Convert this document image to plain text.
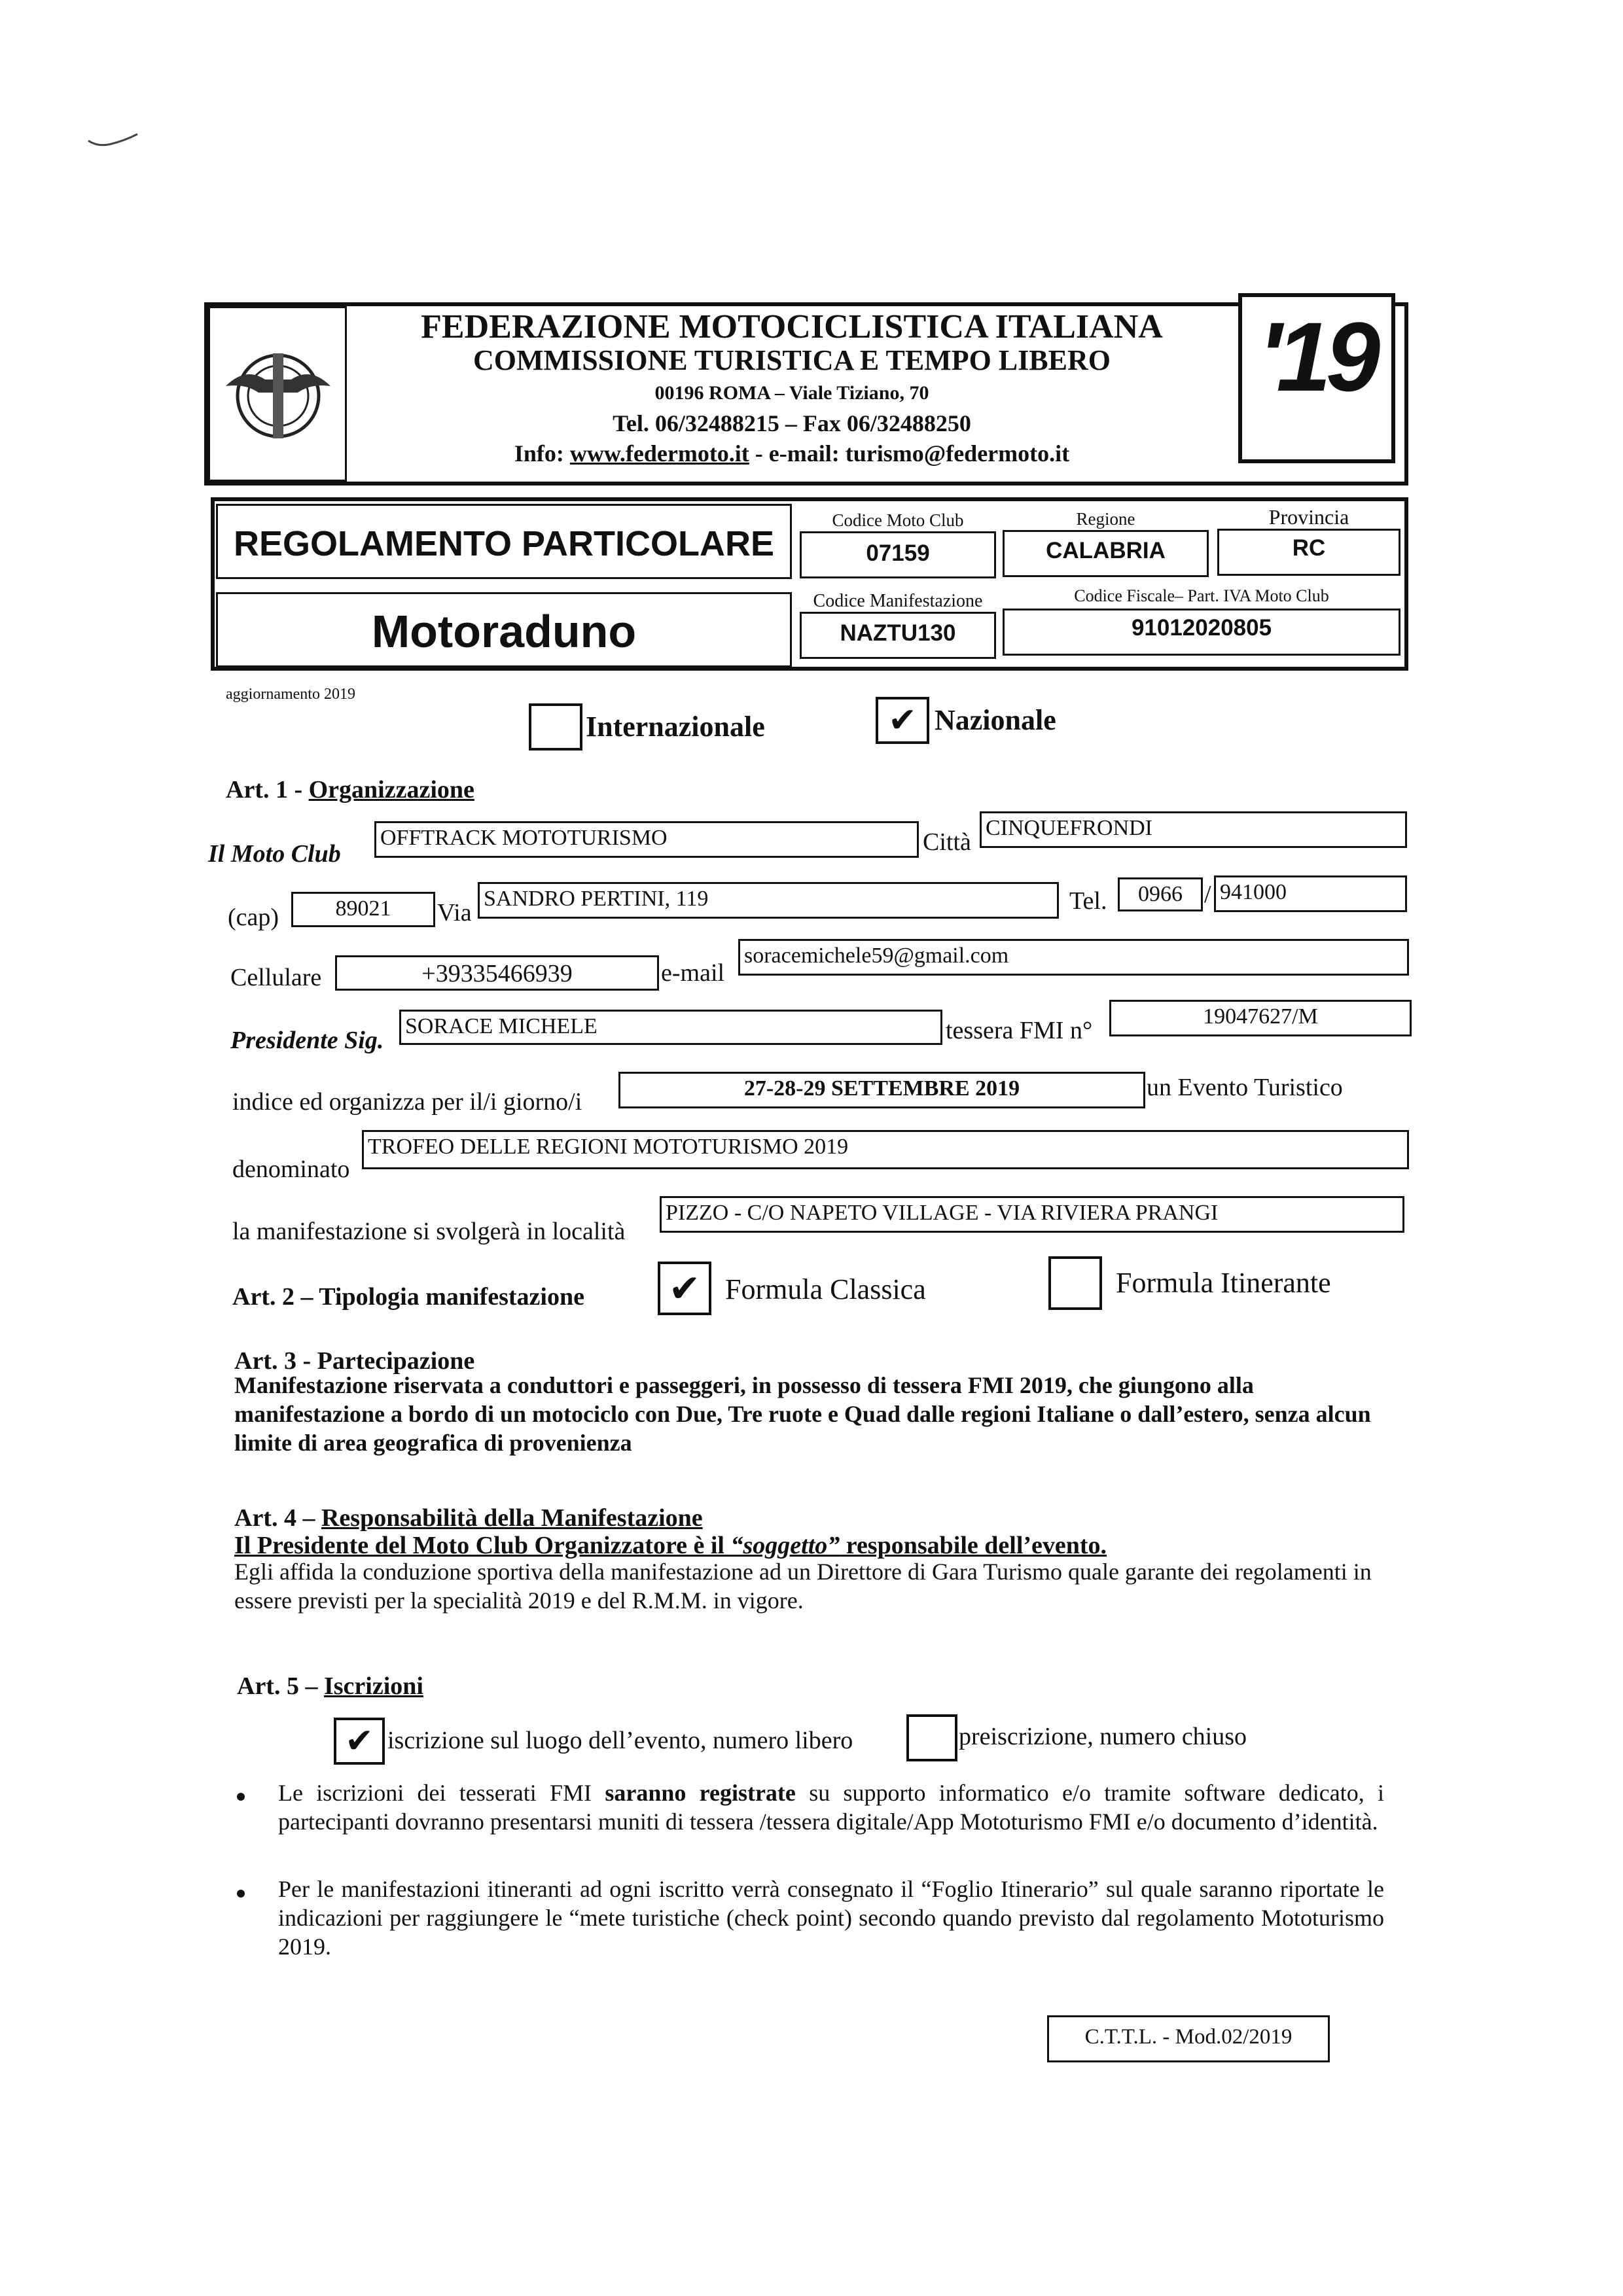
FEDERAZIONE MOTOCICLISTICA ITALIANA
COMMISSIONE TURISTICA E TEMPO LIBERO
00196 ROMA – Viale Tiziano, 70
Tel. 06/32488215 – Fax 06/32488250
Info: www.federmoto.it - e-mail: turismo@federmoto.it
'19
REGOLAMENTO PARTICOLARE
Motoraduno
Codice Moto Club
07159
Regione
CALABRIA
Provincia
RC
Codice Manifestazione
NAZTU130
Codice Fiscale– Part. IVA Moto Club
91012020805
aggiornamento 2019
Internazionale	✔ Nazionale
Art. 1 - Organizzazione
Il Moto Club
OFFTRACK MOTOTURISMO	Città
CINQUEFRONDI
(cap)	89021	Via
SANDRO PERTINI, 119	Tel.	0966 / 941000
Cellulare	+39335466939	e-mail
soracemichele59@gmail.com
Presidente Sig.
SORACE MICHELE	tessera FMI n°
19047627/M
indice ed organizza per il/i giorno/i	27-28-29 SETTEMBRE 2019	un Evento Turistico
denominato
TROFEO DELLE REGIONI MOTOTURISMO 2019
la manifestazione si svolgerà in località
PIZZO - C/O NAPETO VILLAGE - VIA RIVIERA PRANGI
Art. 2 – Tipologia manifestazione ✔ Formula Classica	Formula Itinerante
Art. 3 - Partecipazione
Manifestazione riservata a conduttori e passeggeri, in possesso di tessera FMI 2019, che giungono alla manifestazione a bordo di un motociclo con Due, Tre ruote e Quad dalle regioni Italiane o dall’estero, senza alcun limite di area geografica di provenienza
Art. 4 – Responsabilità della Manifestazione
Il Presidente del Moto Club Organizzatore è il “soggetto” responsabile dell’evento.
Egli affida la conduzione sportiva della manifestazione ad un Direttore di Gara Turismo quale garante dei regolamenti in essere previsti per la specialità 2019 e del R.M.M. in vigore.
Art. 5 – Iscrizioni
✔ iscrizione sul luogo dell’evento, numero libero	preiscrizione, numero chiuso
Le iscrizioni dei tesserati FMI saranno registrate su supporto informatico e/o tramite software dedicato, i partecipanti dovranno presentarsi muniti di tessera /tessera digitale/App Mototurismo FMI e/o documento d’identità.
Per le manifestazioni itineranti ad ogni iscritto verrà consegnato il “Foglio Itinerario” sul quale saranno riportate le indicazioni per raggiungere le “mete turistiche (check point) secondo quando previsto dal regolamento Mototurismo 2019.
C.T.T.L. - Mod.02/2019
